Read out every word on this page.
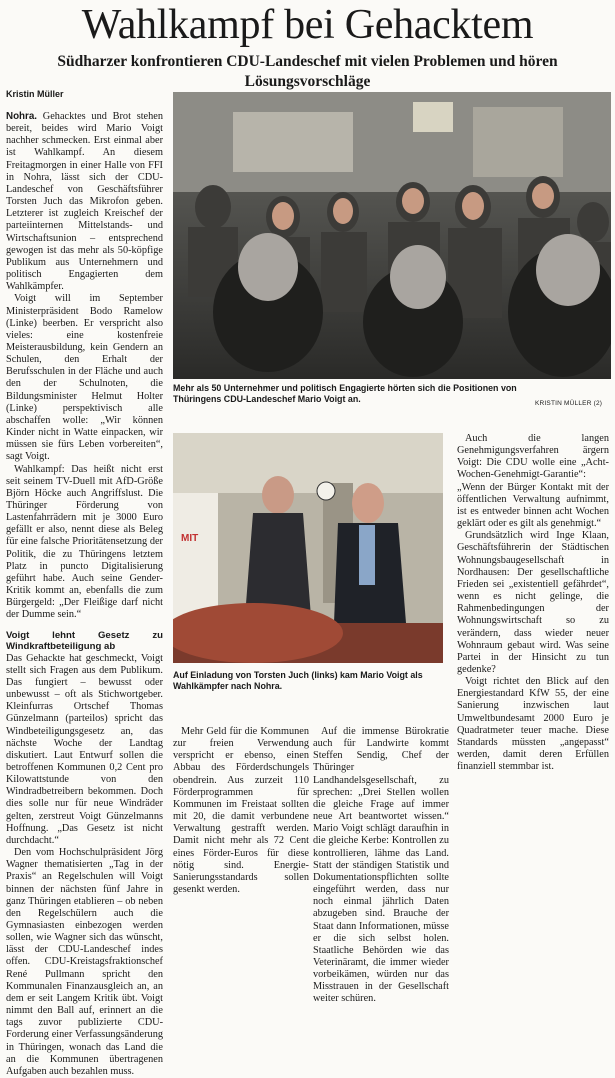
Wahlkampf bei Gehacktem
Südharzer konfrontieren CDU-Landeschef mit vielen Problemen und hören Lösungsvorschläge
Kristin Müller

Nohra. Gehacktes und Brot stehen bereit, beides wird Mario Voigt nachher schmecken. Erst einmal aber ist Wahlkampf. An diesem Freitagmorgen in einer Halle von FFI in Nohra, lässt sich der CDU-Landeschef von Geschäftsführer Torsten Juch das Mikrofon geben. Letzterer ist zugleich Kreischef der parteiinternen Mittelstands- und Wirtschaftsunion – entsprechend gewogen ist das mehr als 50-köpfige Publikum aus Unternehmern und politisch Engagierten dem Wahlkämpfer.

Voigt will im September Ministerpräsident Bodo Ramelow (Linke) beerben. Er verspricht also vieles: eine kostenfreie Meisterausbildung, kein Gendern an Schulen, den Erhalt der Berufsschulen in der Fläche und auch den der Schulnoten, die Bildungsminister Helmut Holter (Linke) perspektivisch alle abschaffen wolle: „Wir können Kinder nicht in Watte einpacken, wir müssen sie fürs Leben vorbereiten“, sagt Voigt.

Wahlkampf: Das heißt nicht erst seit seinem TV-Duell mit AfD-Größe Björn Höcke auch Angriffslust. Die Thüringer Förderung von Lastenfahrrädern mit je 3000 Euro gefällt er also, nennt diese als Beleg für eine falsche Prioritätensetzung der Politik, die zu Thüringens letztem Platz in puncto Digitalisierung geführt habe. Auch seine Gender-Kritik kommt an, ebenfalls die zum Bürgergeld: „Der Fleißige darf nicht der Dumme sein.“

Voigt lehnt Gesetz zu Windkraftbeteiligung ab

Das Gehackte hat geschmeckt, Voigt stellt sich Fragen aus dem Publikum. Das fungiert – bewusst oder unbewusst – oft als Stichwortgeber. Kleinfurras Ortschef Thomas Günzelmann (parteilos) spricht das Windbeteiligungsgesetz an, das nächste Woche der Landtag diskutiert. Laut Entwurf sollen die betroffenen Kommunen 0,2 Cent pro Kilowattstunde von den Windradbetreibern bekommen. Doch dies solle nur für neue Windräder gelten, zerstreut Voigt Günzelmanns Hoffnung. „Das Gesetz ist nicht durchdacht.“

Den vom Hochschulpräsident Jörg Wagner thematisierten „Tag in der Praxis“ an Regelschulen will Voigt binnen der nächsten fünf Jahre in ganz Thüringen etablieren – ob neben den Regelschülern auch die Gymnasiasten einbezogen werden sollen, wie Wagner sich das wünscht, lässt der CDU-Landeschef indes offen. CDU-Kreistagsfraktionschef René Pullmann spricht den Kommunalen Finanzausgleich an, an dem er seit Langem Kritik übt. Voigt nimmt den Ball auf, erinnert an die tags zuvor publizierte CDU-Forderung einer Verfassungsänderung in Thüringen, wonach das Land die an die Kommunen übertragenen Aufgaben auch bezahlen muss.

Mehr Geld für die Kommunen zur freien Verwendung verspricht er ebenso, einen Abbau des Förderdschungels obendrein. Aus zurzeit 110 Förderprogrammen für Kommunen im Freistaat sollten mit 20, die damit verbundene Verwaltung gestrafft werden. Damit nicht mehr als 72 Cent eines Förder-Euros für diese nötig sind. Energie-Sanierungsstandards sollen gesenkt werden.

Auf die immense Bürokratie auch für Landwirte kommt Steffen Sendig, Chef der Thüringer Landhandelsgesellschaft, zu sprechen: „Drei Stellen wollen die gleiche Frage auf immer neue Art beantwortet wissen.“ Mario Voigt schlägt daraufhin in die gleiche Kerbe: Kontrollen zu kontrollieren, lähme das Land. Statt der ständigen Statistik und Dokumentationspflichten sollte eingeführt werden, dass nur noch einmal jährlich Daten abzugeben sind. Brauche der Staat dann Informationen, müsse er die sich selbst holen. Staatliche Behörden wie das Veterinäramt, die immer wieder vorbeikämen, würden nur das Misstrauen in der Gesellschaft weiter schüren.

Auch die langen Genehmigungsverfahren ärgern Voigt: Die CDU wolle eine „Acht-Wochen-Genehmigt-Garantie“: „Wenn der Bürger Kontakt mit der öffentlichen Verwaltung aufnimmt, ist es entweder binnen acht Wochen geklärt oder es gilt als genehmigt.“

Grundsätzlich wird Inge Klaan, Geschäftsführerin der Städtischen Wohnungsbaugesellschaft in Nordhausen: Der gesellschaftliche Frieden sei „existentiell gefährdet“, wenn es nicht gelinge, die Rahmenbedingungen der Wohnungswirtschaft so zu verändern, dass wieder neuer Wohnraum gebaut wird. Was seine Partei in der Hinsicht zu tun gedenke?

Voigt richtet den Blick auf den Energiestandard KfW 55, der eine Sanierung inzwischen laut Umweltbundesamt 2000 Euro je Quadratmeter teuer mache. Diese Standards müssten „angepasst“ werden, damit deren Erfüllen finanziell stemmbar ist.

Mehr als 50 Unternehmer und politisch Engagierte hörten sich die Positionen von Thüringens CDU-Landeschef Mario Voigt an.	KRISTIN MÜLLER (2)
MIT

Auf Einladung von Torsten Juch (links) kam Mario Voigt als Wahlkämpfer nach Nohra.
